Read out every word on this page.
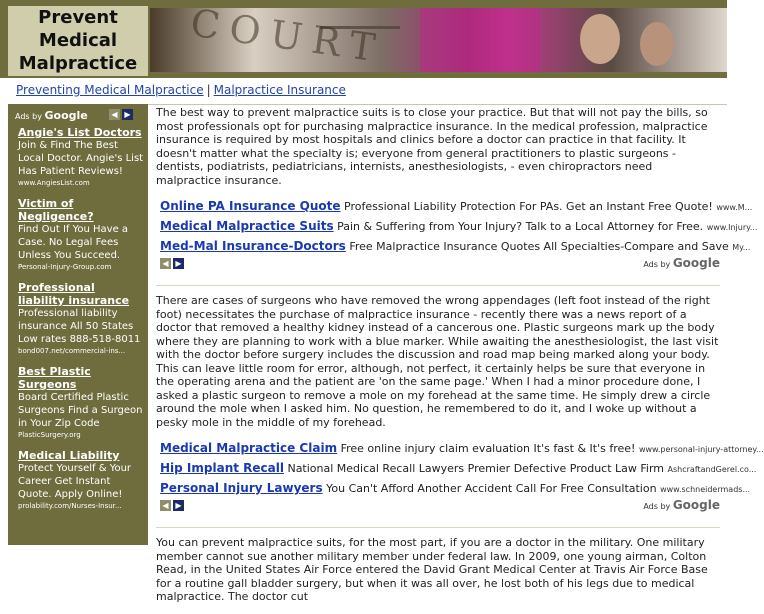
Prevent
Medical
Malpractice COURT
Preventing Medical Malpractice | Malpractice Insurance
Ads by Google	◀ ▶
Angie's List Doctors
Join & Find The Best Local Doctor. Angie's List Has Patient Reviews!
www.AngiesList.com
Victim of Negligence?
Find Out If You Have a Case. No Legal Fees Unless You Succeed.
Personal-Injury-Group.com
Professional liability insurance
Professional liability insurance All 50 States Low rates 888-518-8011
bond007.net/commercial-ins...
Best Plastic Surgeons
Board Certified Plastic Surgeons Find a Surgeon in Your Zip Code
PlasticSurgery.org
Medical Liability
Protect Yourself & Your Career Get Instant Quote. Apply Online!
prolability.com/Nurses-Insur...

The best way to prevent malpractice suits is to close your practice. But that will not pay the bills, so most professionals opt for purchasing malpractice insurance. In the medical profession, malpractice insurance is required by most hospitals and clinics before a doctor can practice in that facility. It doesn't matter what the specialty is; everyone from general practitioners to plastic surgeons - dentists, podiatrists, pediatricians, internists, anesthesiologists, - even chiropractors need malpractice insurance.

Online PA Insurance Quote Professional Liability Protection For PAs. Get an Instant Free Quote! www.M...
Medical Malpractice Suits Pain & Suffering from Your Injury? Talk to a Local Attorney for Free. www.Injury...
Med-Mal Insurance-Doctors Free Malpractice Insurance Quotes All Specialties-Compare and Save My...
◀ ▶	Ads by Google

There are cases of surgeons who have removed the wrong appendages (left foot instead of the right foot) necessitates the purchase of malpractice insurance - recently there was a news report of a doctor that removed a healthy kidney instead of a cancerous one. Plastic surgeons mark up the body where they are planning to work with a blue marker. While awaiting the anesthesiologist, the last visit with the doctor before surgery includes the discussion and road map being marked along your body. This can leave little room for error, although, not perfect, it certainly helps be sure that everyone in the operating arena and the patient are 'on the same page.' When I had a minor procedure done, I asked a plastic surgeon to remove a mole on my forehead at the same time. He simply drew a circle around the mole when I asked him. No question, he remembered to do it, and I woke up without a pesky mole in the middle of my forehead.

Medical Malpractice Claim Free online injury claim evaluation It's fast & It's free! www.personal-injury-attorney...
Hip Implant Recall National Medical Recall Lawyers Premier Defective Product Law Firm AshcraftandGerel.co...
Personal Injury Lawyers You Can't Afford Another Accident Call For Free Consultation www.schneidermads...
◀ ▶	Ads by Google

You can prevent malpractice suits, for the most part, if you are a doctor in the military. One military member cannot sue another military member under federal law. In 2009, one young airman, Colton Read, in the United States Air Force entered the David Grant Medical Center at Travis Air Force Base for a routine gall bladder surgery, but when it was all over, he lost both of his legs due to medical malpractice. The doctor cut
